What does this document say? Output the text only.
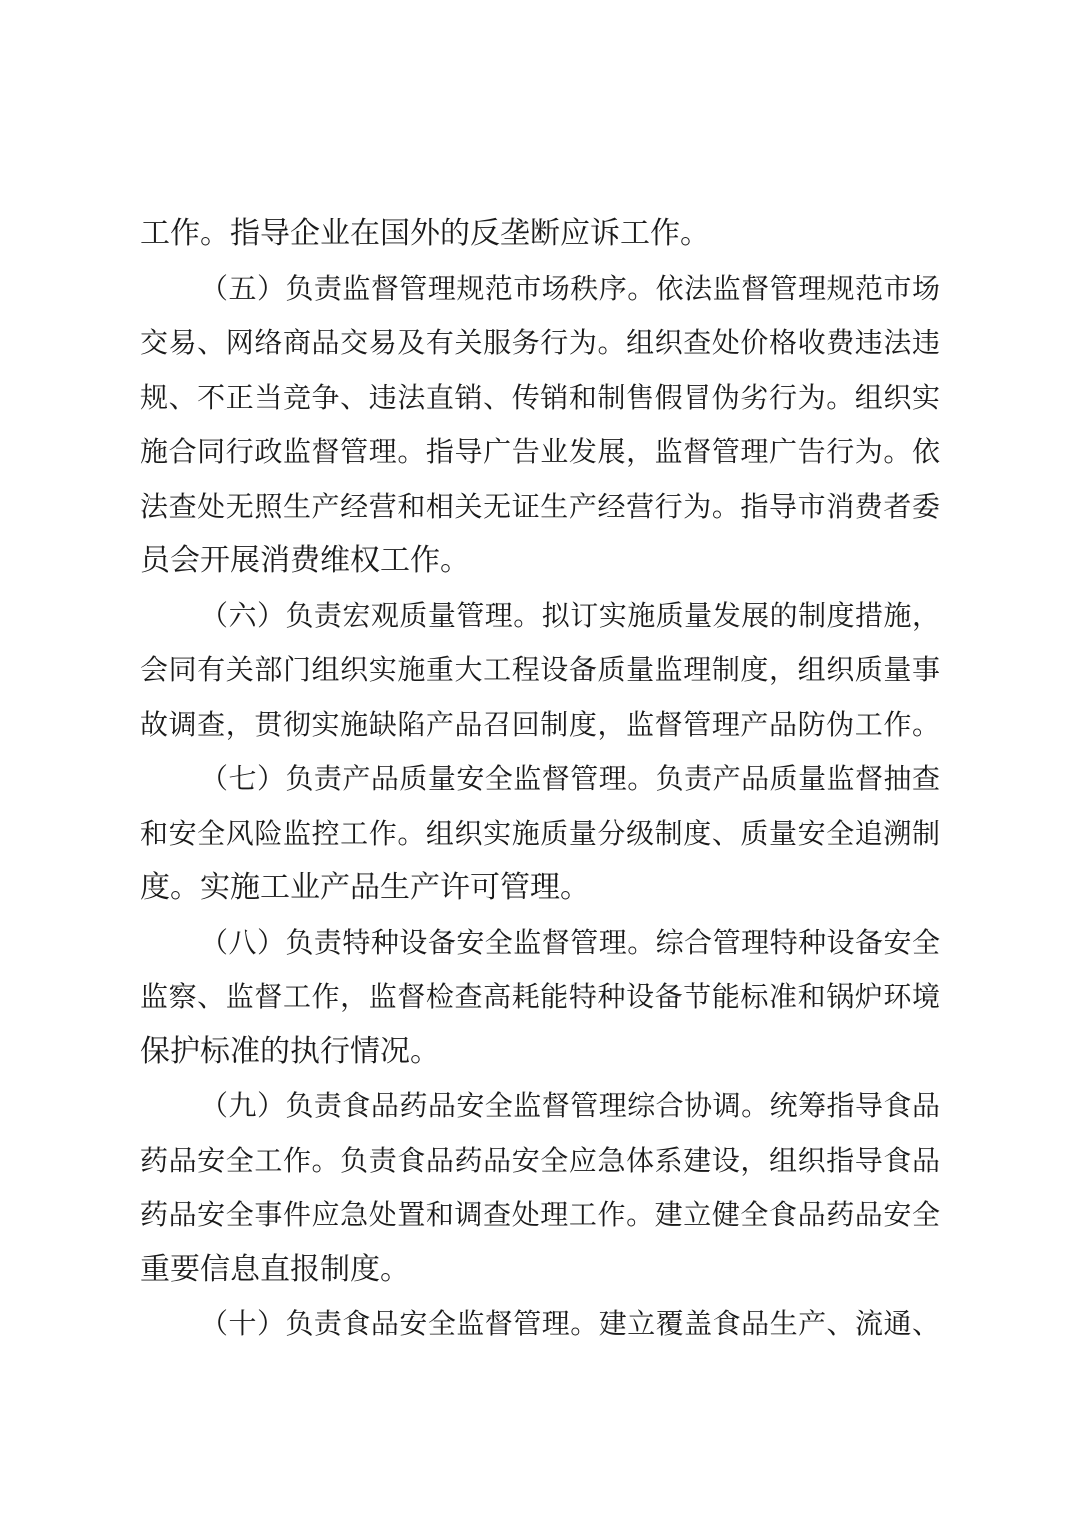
工作。指导企业在国外的反垄断应诉工作。
（五）负责监督管理规范市场秩序。依法监督管理规范市场
交易、网络商品交易及有关服务行为。组织查处价格收费违法违
规、不正当竞争、违法直销、传销和制售假冒伪劣行为。组织实
施合同行政监督管理。指导广告业发展，监督管理广告行为。依
法查处无照生产经营和相关无证生产经营行为。指导市消费者委
员会开展消费维权工作。
（六）负责宏观质量管理。拟订实施质量发展的制度措施，
会同有关部门组织实施重大工程设备质量监理制度，组织质量事
故调查，贯彻实施缺陷产品召回制度，监督管理产品防伪工作。
（七）负责产品质量安全监督管理。负责产品质量监督抽查
和安全风险监控工作。组织实施质量分级制度、质量安全追溯制
度。实施工业产品生产许可管理。
（八）负责特种设备安全监督管理。综合管理特种设备安全
监察、监督工作，监督检查高耗能特种设备节能标准和锅炉环境
保护标准的执行情况。
（九）负责食品药品安全监督管理综合协调。统筹指导食品
药品安全工作。负责食品药品安全应急体系建设，组织指导食品
药品安全事件应急处置和调查处理工作。建立健全食品药品安全
重要信息直报制度。
（十）负责食品安全监督管理。建立覆盖食品生产、流通、
